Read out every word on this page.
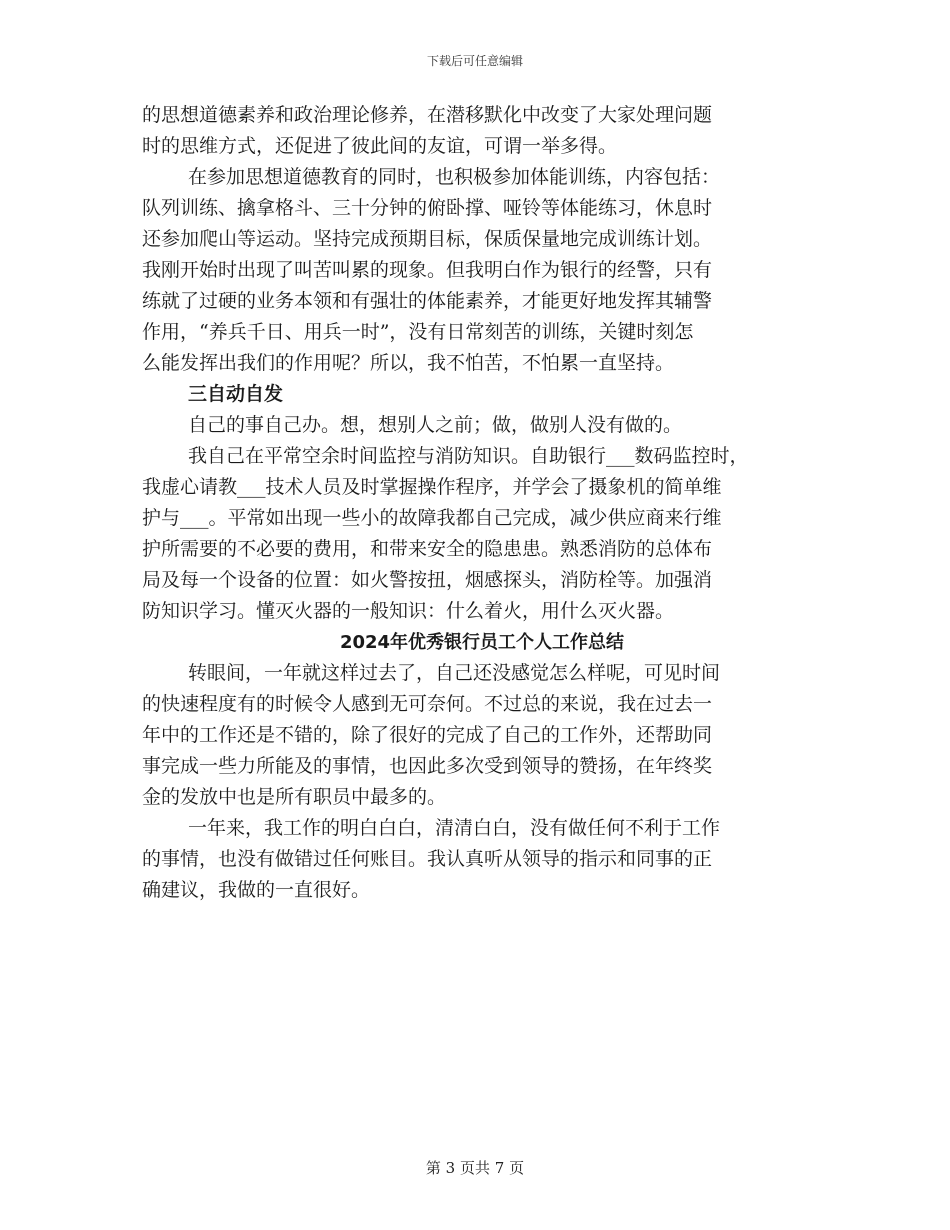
下载后可任意编辑
的思想道德素养和政治理论修养，在潜移默化中改变了大家处理问题
时的思维方式，还促进了彼此间的友谊，可谓一举多得。
在参加思想道德教育的同时，也积极参加体能训练，内容包括：
队列训练、擒拿格斗、三十分钟的俯卧撑、哑铃等体能练习，休息时
还参加爬山等运动。坚持完成预期目标，保质保量地完成训练计划。
我刚开始时出现了叫苦叫累的现象。但我明白作为银行的经警，只有
练就了过硬的业务本领和有强壮的体能素养，才能更好地发挥其辅警
作用，“养兵千日、用兵一时”，没有日常刻苦的训练，关键时刻怎
么能发挥出我们的作用呢？所以，我不怕苦，不怕累一直坚持。
三自动自发
自己的事自己办。想，想别人之前；做，做别人没有做的。
我自己在平常空余时间监控与消防知识。自助银行___数码监控时，
我虚心请教___技术人员及时掌握操作程序，并学会了摄象机的简单维
护与___。平常如出现一些小的故障我都自己完成，减少供应商来行维
护所需要的不必要的费用，和带来安全的隐患患。熟悉消防的总体布
局及每一个设备的位置：如火警按扭，烟感探头，消防栓等。加强消
防知识学习。懂灭火器的一般知识：什么着火，用什么灭火器。
2024年优秀银行员工个人工作总结
转眼间，一年就这样过去了，自己还没感觉怎么样呢，可见时间
的快速程度有的时候令人感到无可奈何。不过总的来说，我在过去一
年中的工作还是不错的，除了很好的完成了自己的工作外，还帮助同
事完成一些力所能及的事情，也因此多次受到领导的赞扬，在年终奖
金的发放中也是所有职员中最多的。
一年来，我工作的明白白白，清清白白，没有做任何不利于工作
的事情，也没有做错过任何账目。我认真听从领导的指示和同事的正
确建议，我做的一直很好。
第 3 页共 7 页
